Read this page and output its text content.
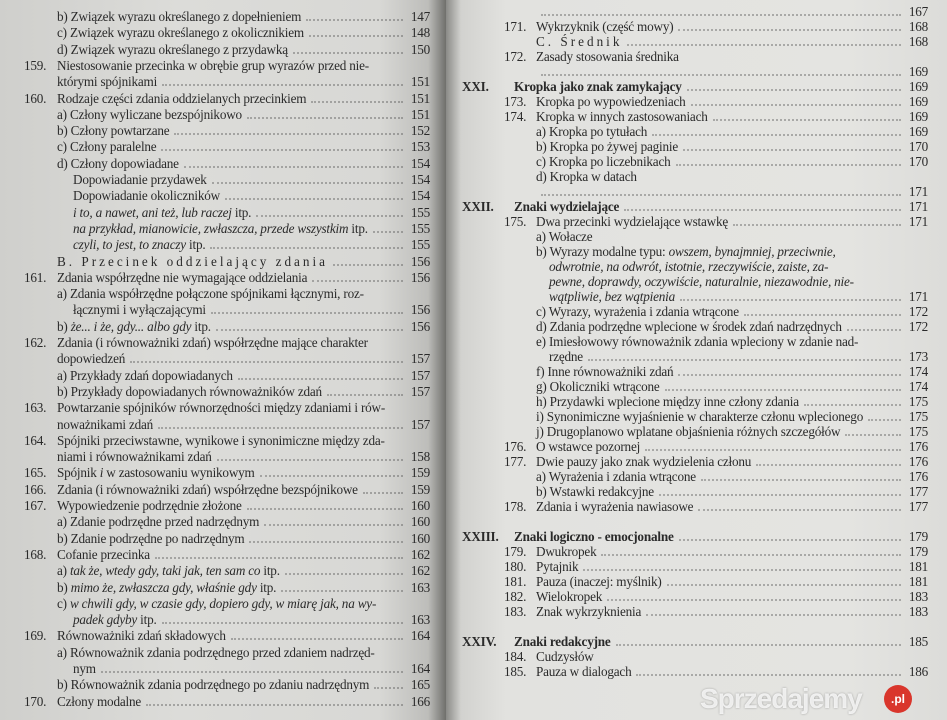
b) Związek wyrazu określanego z dopełnieniem	147
c) Związek wyrazu określanego z okolicznikiem	148
d) Związek wyrazu określanego z przydawką	150
159. Niestosowanie przecinka w obrębie grup wyrazów przed nie-
którymi spójnikami	151
160. Rodzaje części zdania oddzielanych przecinkiem	151
a) Człony wyliczane bezspójnikowo	151
b) Człony powtarzane	152
c) Człony paralelne	153
d) Człony dopowiadane	154
Dopowiadanie przydawek	154
Dopowiadanie okoliczników	154
i to, a nawet, ani też, lub raczej itp.	155
na przykład, mianowicie, zwłaszcza, przede wszystkim itp.	155
czyli, to jest, to znaczy itp.	155
B. Przecinek oddzielający zdania	156
161. Zdania współrzędne nie wymagające oddzielania	156
a) Zdania współrzędne połączone spójnikami łącznymi, roz-
łącznymi i wyłączającymi	156
b) że... i że, gdy... albo gdy itp.	156
162. Zdania (i równoważniki zdań) współrzędne mające charakter
dopowiedzeń	157
a) Przykłady zdań dopowiadanych	157
b) Przykłady dopowiadanych równoważników zdań	157
163. Powtarzanie spójników równorzędności między zdaniami i rów-
noważnikami zdań	157
164. Spójniki przeciwstawne, wynikowe i synonimiczne między zda-
niami i równoważnikami zdań	158
165. Spójnik i w zastosowaniu wynikowym	159
166. Zdania (i równoważniki zdań) współrzędne bezspójnikowe	159
167. Wypowiedzenie podrzędnie złożone	160
a) Zdanie podrzędne przed nadrzędnym	160
b) Zdanie podrzędne po nadrzędnym	160
168. Cofanie przecinka	162
a) tak że, wtedy gdy, taki jak, ten sam co itp.	162
b) mimo że, zwłaszcza gdy, właśnie gdy itp.	163
c) w chwili gdy, w czasie gdy, dopiero gdy, w miarę jak, na wy-
padek gdyby itp.	163
169. Równoważniki zdań składowych	164
a) Równoważnik zdania podrzędnego przed zdaniem nadrzęd-
nym	164
b) Równoważnik zdania podrzędnego po zdaniu nadrzędnym	165
170. Człony modalne	166
167
171. Wykrzyknik (część mowy)	168
C. Średnik	168
172. Zasady stosowania średnika
169
XXI. Kropka jako znak zamykający	169
173. Kropka po wypowiedzeniach	169
174. Kropka w innych zastosowaniach	169
a) Kropka po tytułach	169
b) Kropka po żywej paginie	170
c) Kropka po liczebnikach	170
d) Kropka w datach
171
XXII. Znaki wydzielające	171
175. Dwa przecinki wydzielające wstawkę	171
a) Wołacze
b) Wyrazy modalne typu: owszem, bynajmniej, przeciwnie,
odwrotnie, na odwrót, istotnie, rzeczywiście, zaiste, za-
pewne, doprawdy, oczywiście, naturalnie, niezawodnie, nie-
wątpliwie, bez wątpienia	171
c) Wyrazy, wyrażenia i zdania wtrącone	172
d) Zdania podrzędne wplecione w środek zdań nadrzędnych	172
e) Imiesłowowy równoważnik zdania wpleciony w zdanie nad-
rzędne	173
f) Inne równoważniki zdań	174
g) Okoliczniki wtrącone	174
h) Przydawki wplecione między inne człony zdania	175
i) Synonimiczne wyjaśnienie w charakterze członu wplecionego	175
j) Drugoplanowo wplatane objaśnienia różnych szczegółów	175
176. O wstawce pozornej	176
177. Dwie pauzy jako znak wydzielenia członu	176
a) Wyrażenia i zdania wtrącone	176
b) Wstawki redakcyjne	177
178. Zdania i wyrażenia nawiasowe	177
XXIII. Znaki logiczno - emocjonalne	179
179. Dwukropek	179
180. Pytajnik	181
181. Pauza (inaczej: myślnik)	181
182. Wielokropek	183
183. Znak wykrzyknienia	183
XXIV. Znaki redakcyjne	185
184. Cudzysłów
185. Pauza w dialogach	186
Sprzedajemy	.pl
